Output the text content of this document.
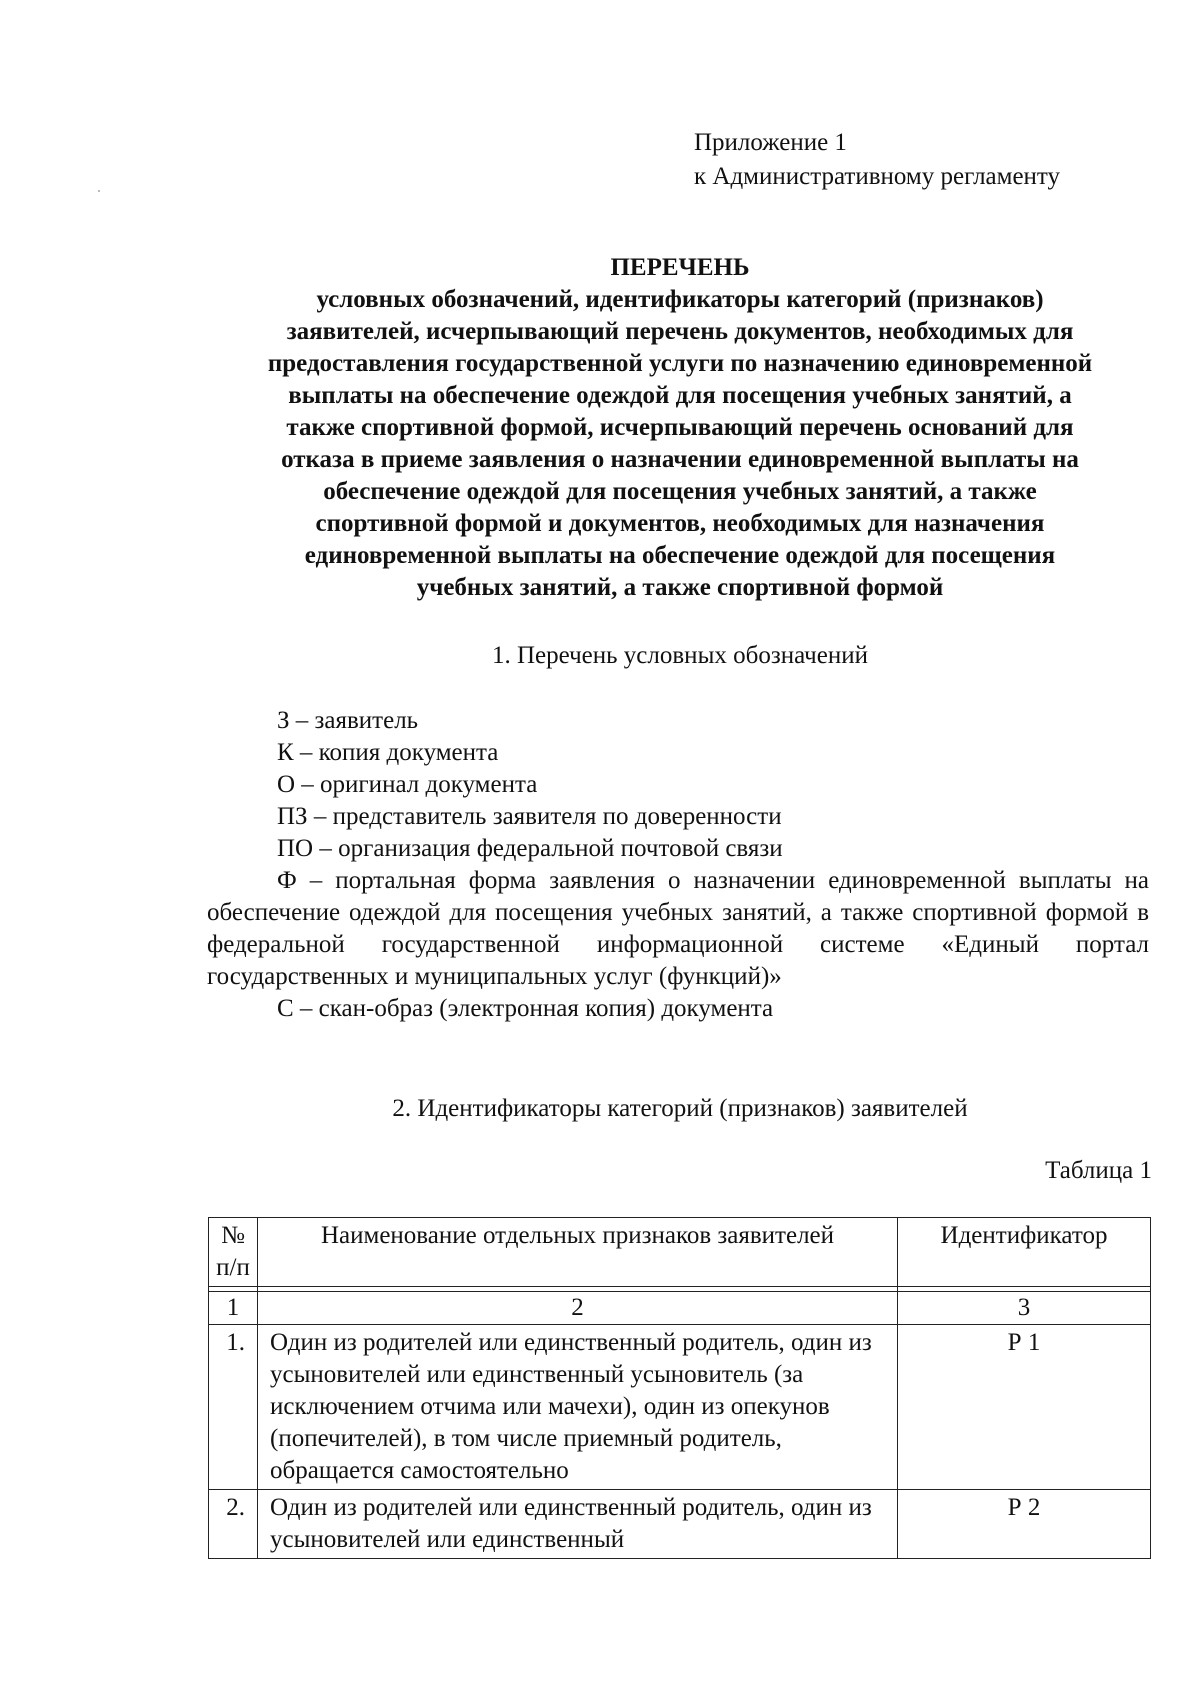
Приложение 1
к Административному регламенту
ПЕРЕЧЕНЬ
условных обозначений, идентификаторы категорий (признаков)
заявителей, исчерпывающий перечень документов, необходимых для
предоставления государственной услуги по назначению единовременной
выплаты на обеспечение одеждой для посещения учебных занятий, а
также спортивной формой, исчерпывающий перечень оснований для
отказа в приеме заявления о назначении единовременной выплаты на
обеспечение одеждой для посещения учебных занятий, а также
спортивной формой и документов, необходимых для назначения
единовременной выплаты на обеспечение одеждой для посещения
учебных занятий, а также спортивной формой
1. Перечень условных обозначений
З – заявитель
К – копия документа
О – оригинал документа
ПЗ – представитель заявителя по доверенности
ПО – организация федеральной почтовой связи
Ф – портальная форма заявления о назначении единовременной выплаты на обеспечение одеждой для посещения учебных занятий, а также спортивной формой в федеральной государственной информационной системе «Единый портал государственных и муниципальных услуг (функций)»
С – скан-образ (электронная копия) документа
2. Идентификаторы категорий (признаков) заявителей
Таблица 1
№ п/п	Наименование отдельных признаков заявителей	Идентификатор

1	2	3
1.	Один из родителей или единственный родитель, один из усыновителей или единственный усыновитель (за исключением отчима или мачехи), один из опекунов (попечителей), в том числе приемный родитель, обращается самостоятельно	Р 1
2.	Один из родителей или единственный родитель, один из усыновителей или единственный	Р 2
